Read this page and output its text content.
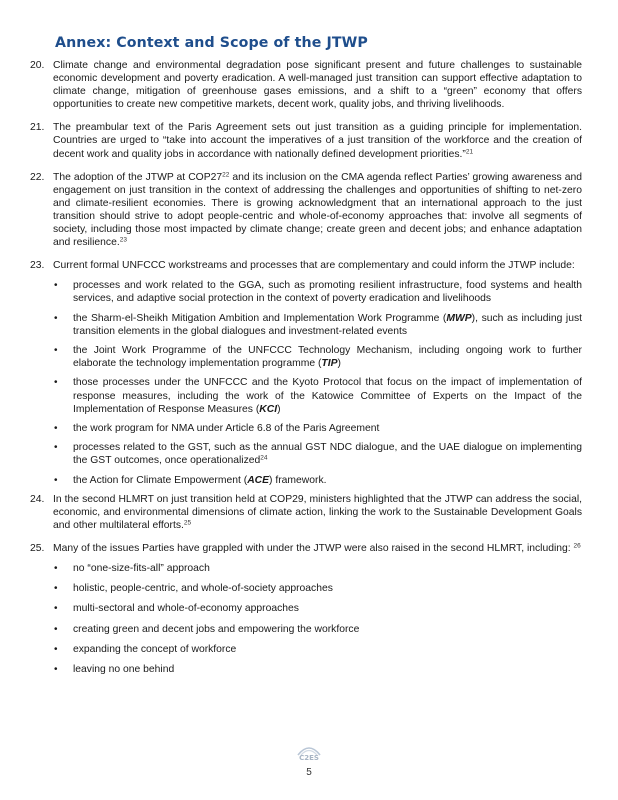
Annex: Context and Scope of the JTWP
20. Climate change and environmental degradation pose significant present and future challenges to sustainable economic development and poverty eradication. A well-managed just transition can support effective adaptation to climate change, mitigation of greenhouse gases emissions, and a shift to a “green” economy that offers opportunities to create new competitive markets, decent work, quality jobs, and thriving livelihoods.
21. The preambular text of the Paris Agreement sets out just transition as a guiding principle for implementation. Countries are urged to “take into account the imperatives of a just transition of the workforce and the creation of decent work and quality jobs in accordance with nationally defined development priorities.”$^{21}$
22. The adoption of the JTWP at $COP27^{22}$ and its inclusion on the CMA agenda reflect Parties’ growing awareness and engagement on just transition in the context of addressing the challenges and opportunities of shifting to net-zero and climate-resilient economies. There is growing acknowledgment that an international approach to the just transition should strive to adopt people-centric and whole-of-economy approaches that: involve all segments of society, including those most impacted by climate change; create green and decent jobs; and enhance adaptation and resilience.$^{23}$
23. Current formal UNFCCC workstreams and processes that are complementary and could inform the JTWP include:
• processes and work related to the GGA, such as promoting resilient infrastructure, food systems and health services, and adaptive social protection in the context of poverty eradication and livelihoods
• the Sharm-el-Sheikh Mitigation Ambition and Implementation Work Programme (MWP), such as including just transition elements in the global dialogues and investment-related events
• the Joint Work Programme of the UNFCCC Technology Mechanism, including ongoing work to further elaborate the technology implementation programme (TIP)
• those processes under the UNFCCC and the Kyoto Protocol that focus on the impact of implementation of response measures, including the work of the Katowice Committee of Experts on the Impact of the Implementation of Response Measures (KCI)
• the work program for NMA under Article 6.8 of the Paris Agreement
• processes related to the GST, such as the annual GST NDC dialogue, and the UAE dialogue on implementing the GST outcomes, once operationalized$^{24}$
• the Action for Climate Empowerment (ACE) framework.
24. In the second HLMRT on just transition held at COP29, ministers highlighted that the JTWP can address the social, economic, and environmental dimensions of climate action, linking the work to the Sustainable Development Goals and other multilateral efforts.$^{25}$
25. Many of the issues Parties have grappled with under the JTWP were also raised in the second HLMRT, including: $^{26}$
• no “one-size-fits-all” approach
• holistic, people-centric, and whole-of-society approaches
• multi-sectoral and whole-of-economy approaches
• creating green and decent jobs and empowering the workforce
• expanding the concept of workforce
• leaving no one behind
C2ES
5
